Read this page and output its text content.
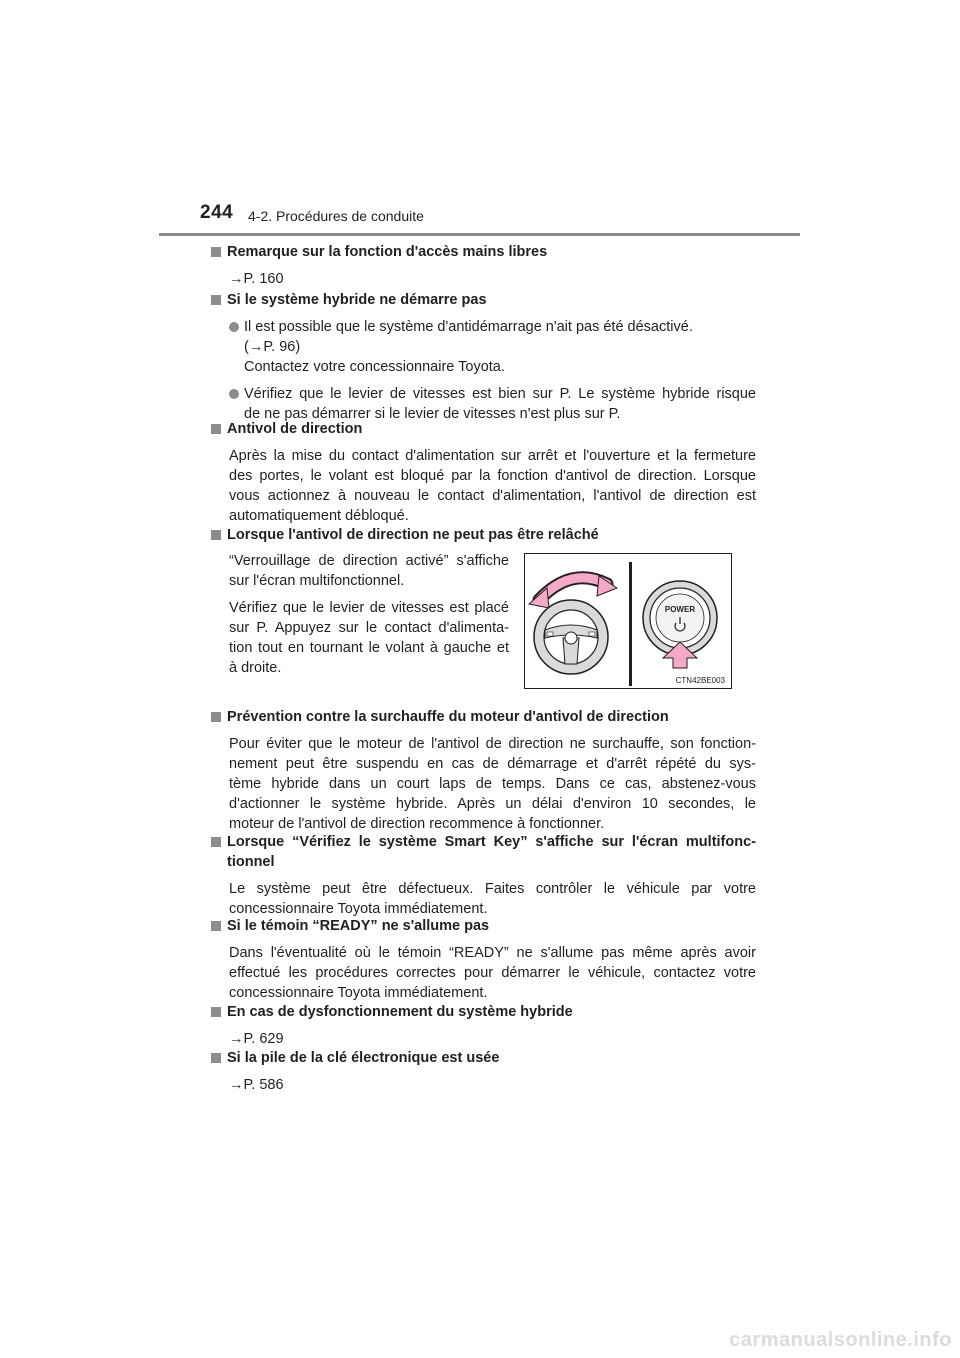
244 4-2. Procédures de conduite
Remarque sur la fonction d'accès mains libres
→P. 160
Si le système hybride ne démarre pas
Il est possible que le système d'antidémarrage n'ait pas été désactivé.
(→P. 96)
Contactez votre concessionnaire Toyota.
Vérifiez que le levier de vitesses est bien sur P. Le système hybride risque
de ne pas démarrer si le levier de vitesses n'est plus sur P.
Antivol de direction
Après la mise du contact d'alimentation sur arrêt et l'ouverture et la fermeture
des portes, le volant est bloqué par la fonction d'antivol de direction. Lorsque
vous actionnez à nouveau le contact d'alimentation, l'antivol de direction est
automatiquement débloqué.
Lorsque l'antivol de direction ne peut pas être relâché
“Verrouillage de direction activé” s'affiche
sur l'écran multifonctionnel.
Vérifiez que le levier de vitesses est placé
sur P. Appuyez sur le contact d'alimenta-
tion tout en tournant le volant à gauche et
à droite.
POWER
CTN42BE003
Prévention contre la surchauffe du moteur d'antivol de direction
Pour éviter que le moteur de l'antivol de direction ne surchauffe, son fonction-
nement peut être suspendu en cas de démarrage et d'arrêt répété du sys-
tème hybride dans un court laps de temps. Dans ce cas, abstenez-vous
d'actionner le système hybride. Après un délai d'environ 10 secondes, le
moteur de l'antivol de direction recommence à fonctionner.
Lorsque “Vérifiez le système Smart Key” s'affiche sur l'écran multifonc-
tionnel
Le système peut être défectueux. Faites contrôler le véhicule par votre
concessionnaire Toyota immédiatement.
Si le témoin “READY” ne s'allume pas
Dans l'éventualité où le témoin “READY” ne s'allume pas même après avoir
effectué les procédures correctes pour démarrer le véhicule, contactez votre
concessionnaire Toyota immédiatement.
En cas de dysfonctionnement du système hybride
→P. 629
Si la pile de la clé électronique est usée
→P. 586
carmanualsonline.info
